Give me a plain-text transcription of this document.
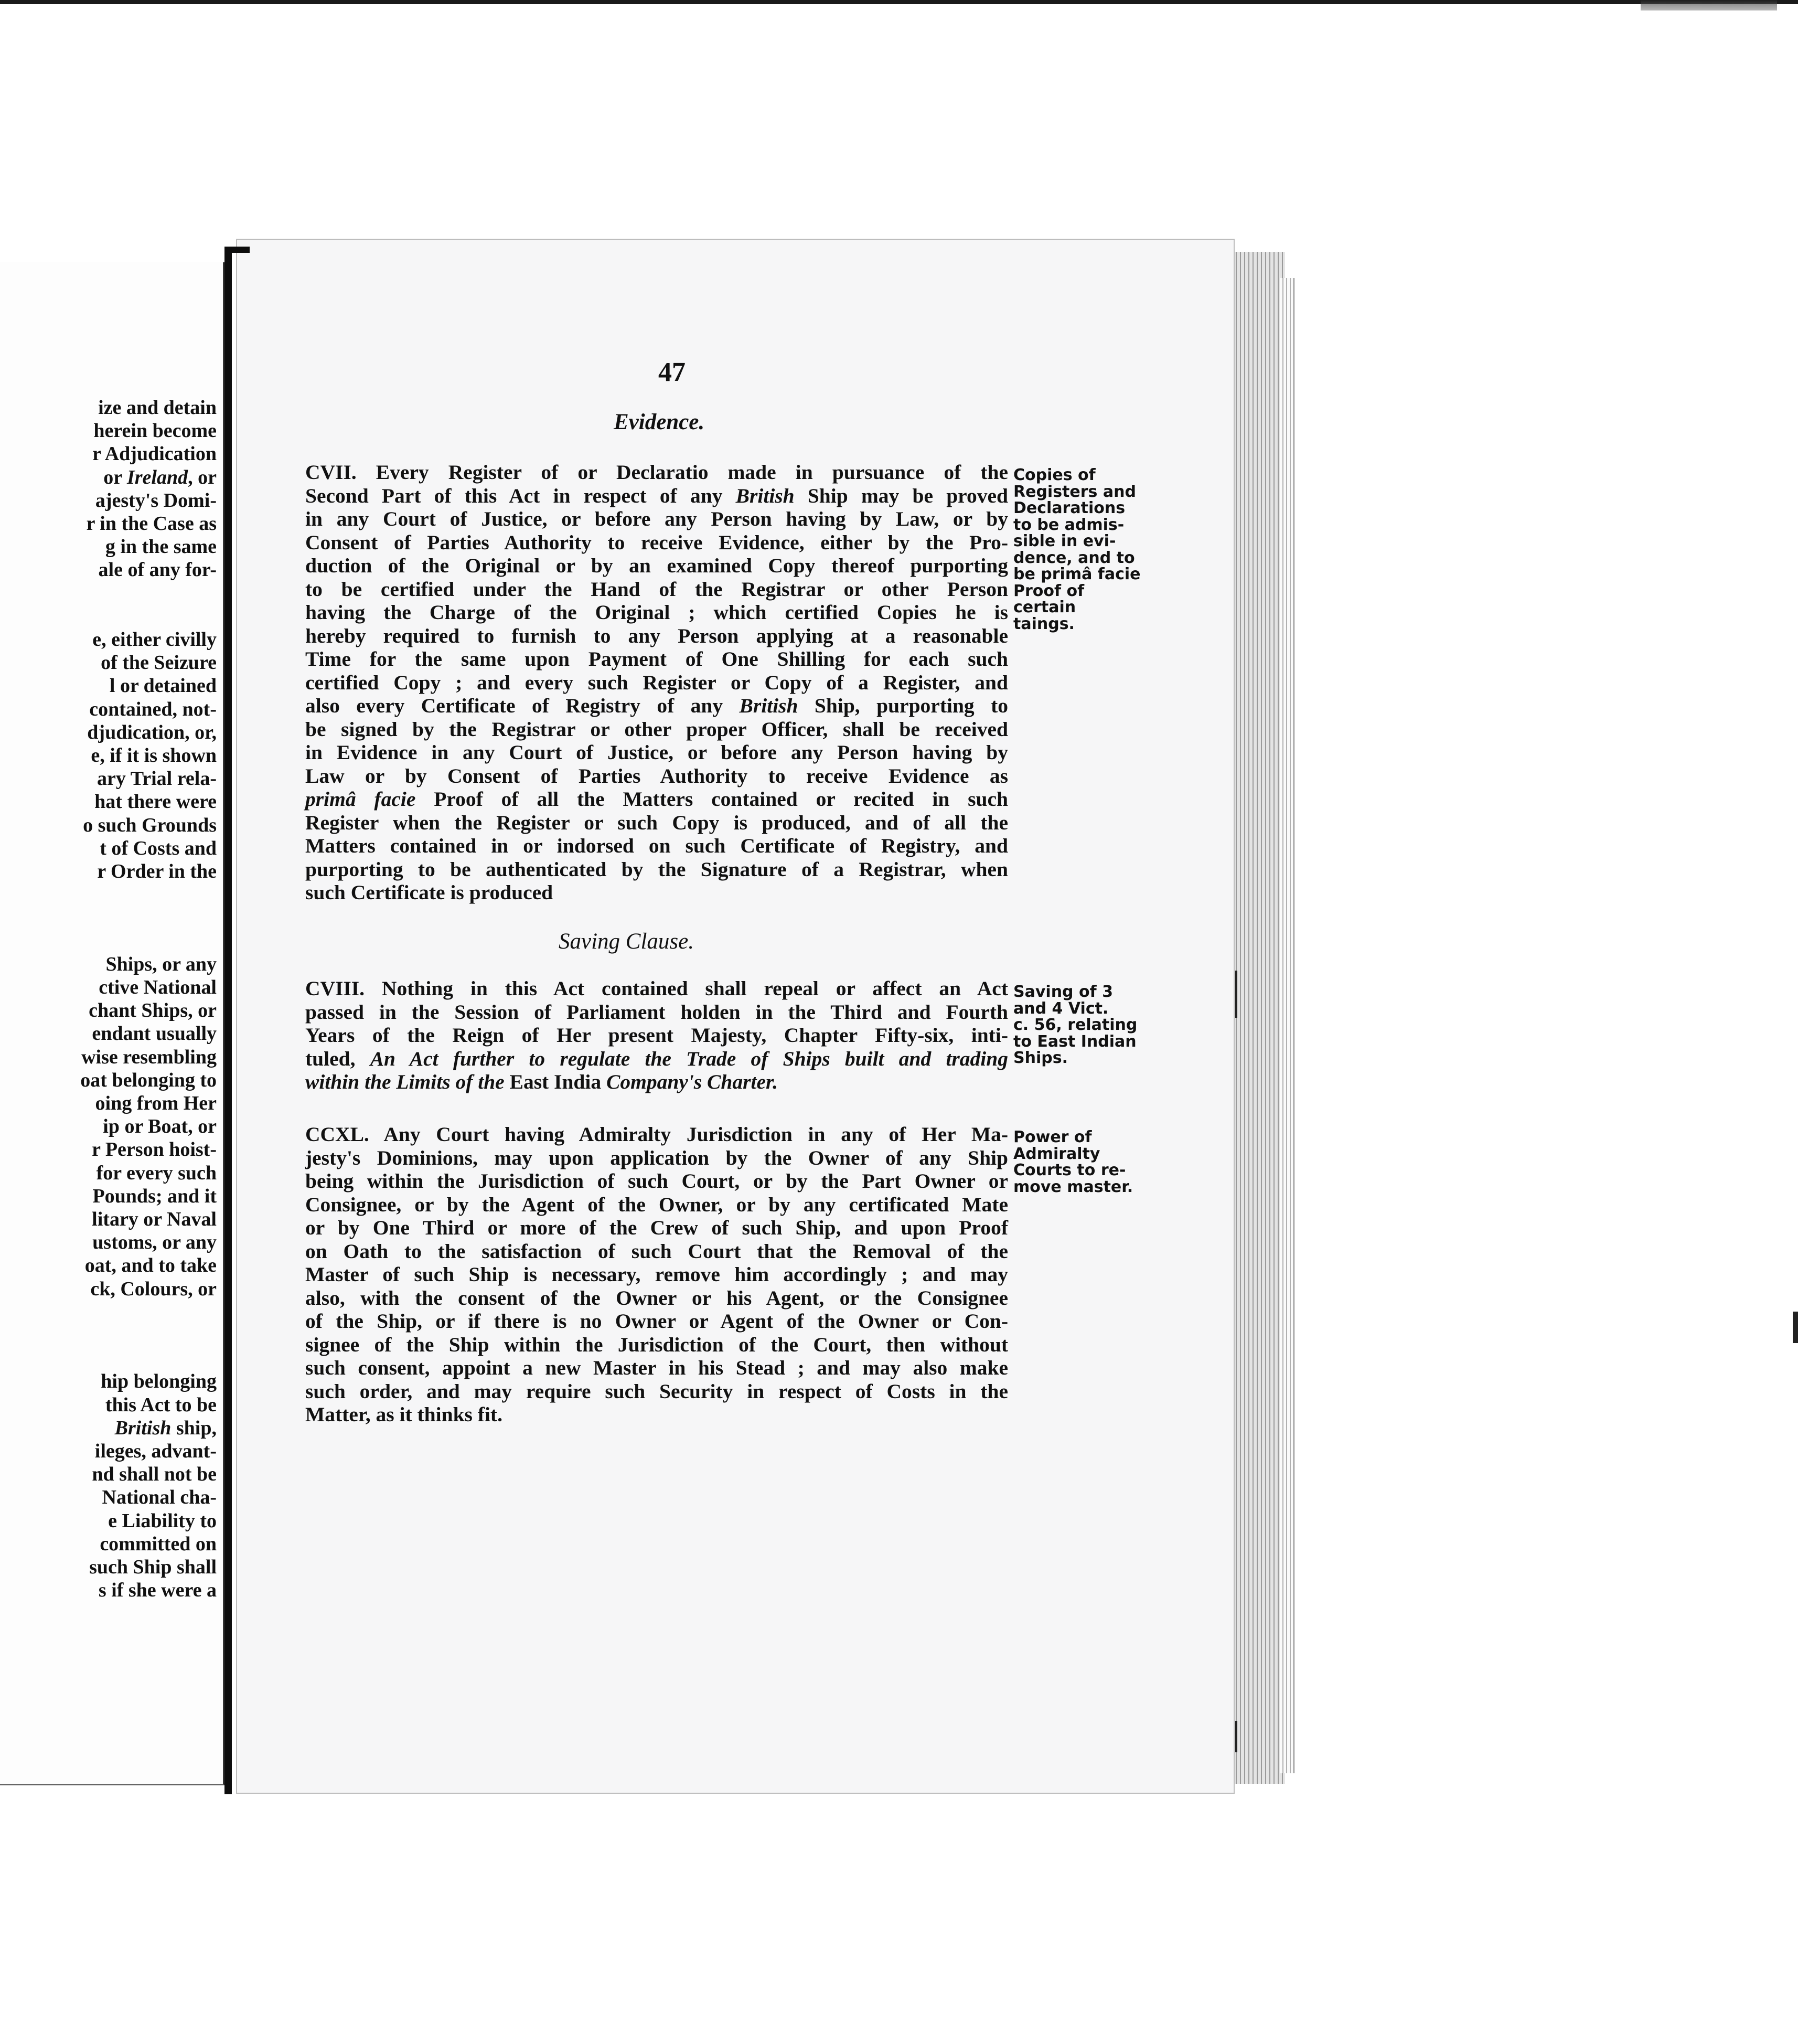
ize and detain
herein become
r Adjudication
or Ireland, or
ajesty's Domi-
r in the Case as
g in the same
ale of any for-
e, either civilly
of the Seizure
l or detained
contained, not-
djudication, or,
e, if it is shown
ary Trial rela-
hat there were
o such Grounds
t of Costs and
r Order in the
Ships, or any
ctive National
chant Ships, or
endant usually
wise resembling
oat belonging to
oing from Her
ip or Boat, or
r Person hoist-
for every such
Pounds; and it
litary or Naval
ustoms, or any
oat, and to take
ck, Colours, or
hip belonging
this Act to be
British ship,
ileges, advant-
nd shall not be
National cha-
e Liability to
committed on
such Ship shall
s if she were a
47
Evidence.
CVII. Every Register of or Declaratio made in pursuance of the
Second Part of this Act in respect of any British Ship may be proved
in any Court of Justice, or before any Person having by Law, or by
Consent of Parties Authority to receive Evidence, either by the Pro-
duction of the Original or by an examined Copy thereof purporting
to be certified under the Hand of the Registrar or other Person
having the Charge of the Original ; which certified Copies he is
hereby required to furnish to any Person applying at a reasonable
Time for the same upon Payment of One Shilling for each such
certified Copy ; and every such Register or Copy of a Register, and
also every Certificate of Registry of any British Ship, purporting to
be signed by the Registrar or other proper Officer, shall be received
in Evidence in any Court of Justice, or before any Person having by
Law or by Consent of Parties Authority to receive Evidence as
primâ facie Proof of all the Matters contained or recited in such
Register when the Register or such Copy is produced, and of all the
Matters contained in or indorsed on such Certificate of Registry, and
purporting to be authenticated by the Signature of a Registrar, when
such Certificate is produced
Copies of
Registers and
Declarations
to be admis-
sible in evi-
dence, and to
be primâ facie
Proof of
certain
taings.
Saving Clause.
CVIII. Nothing in this Act contained shall repeal or affect an Act
passed in the Session of Parliament holden in the Third and Fourth
Years of the Reign of Her present Majesty, Chapter Fifty-six, inti-
tuled, An Act further to regulate the Trade of Ships built and trading
within the Limits of the East India Company's Charter.
Saving of 3
and 4 Vict.
c. 56, relating
to East Indian
Ships.
CCXL. Any Court having Admiralty Jurisdiction in any of Her Ma-
jesty's Dominions, may upon application by the Owner of any Ship
being within the Jurisdiction of such Court, or by the Part Owner or
Consignee, or by the Agent of the Owner, or by any certificated Mate
or by One Third or more of the Crew of such Ship, and upon Proof
on Oath to the satisfaction of such Court that the Removal of the
Master of such Ship is necessary, remove him accordingly ; and may
also, with the consent of the Owner or his Agent, or the Consignee
of the Ship, or if there is no Owner or Agent of the Owner or Con-
signee of the Ship within the Jurisdiction of the Court, then without
such consent, appoint a new Master in his Stead ; and may also make
such order, and may require such Security in respect of Costs in the
Matter, as it thinks fit.
Power of
Admiralty
Courts to re-
move master.
